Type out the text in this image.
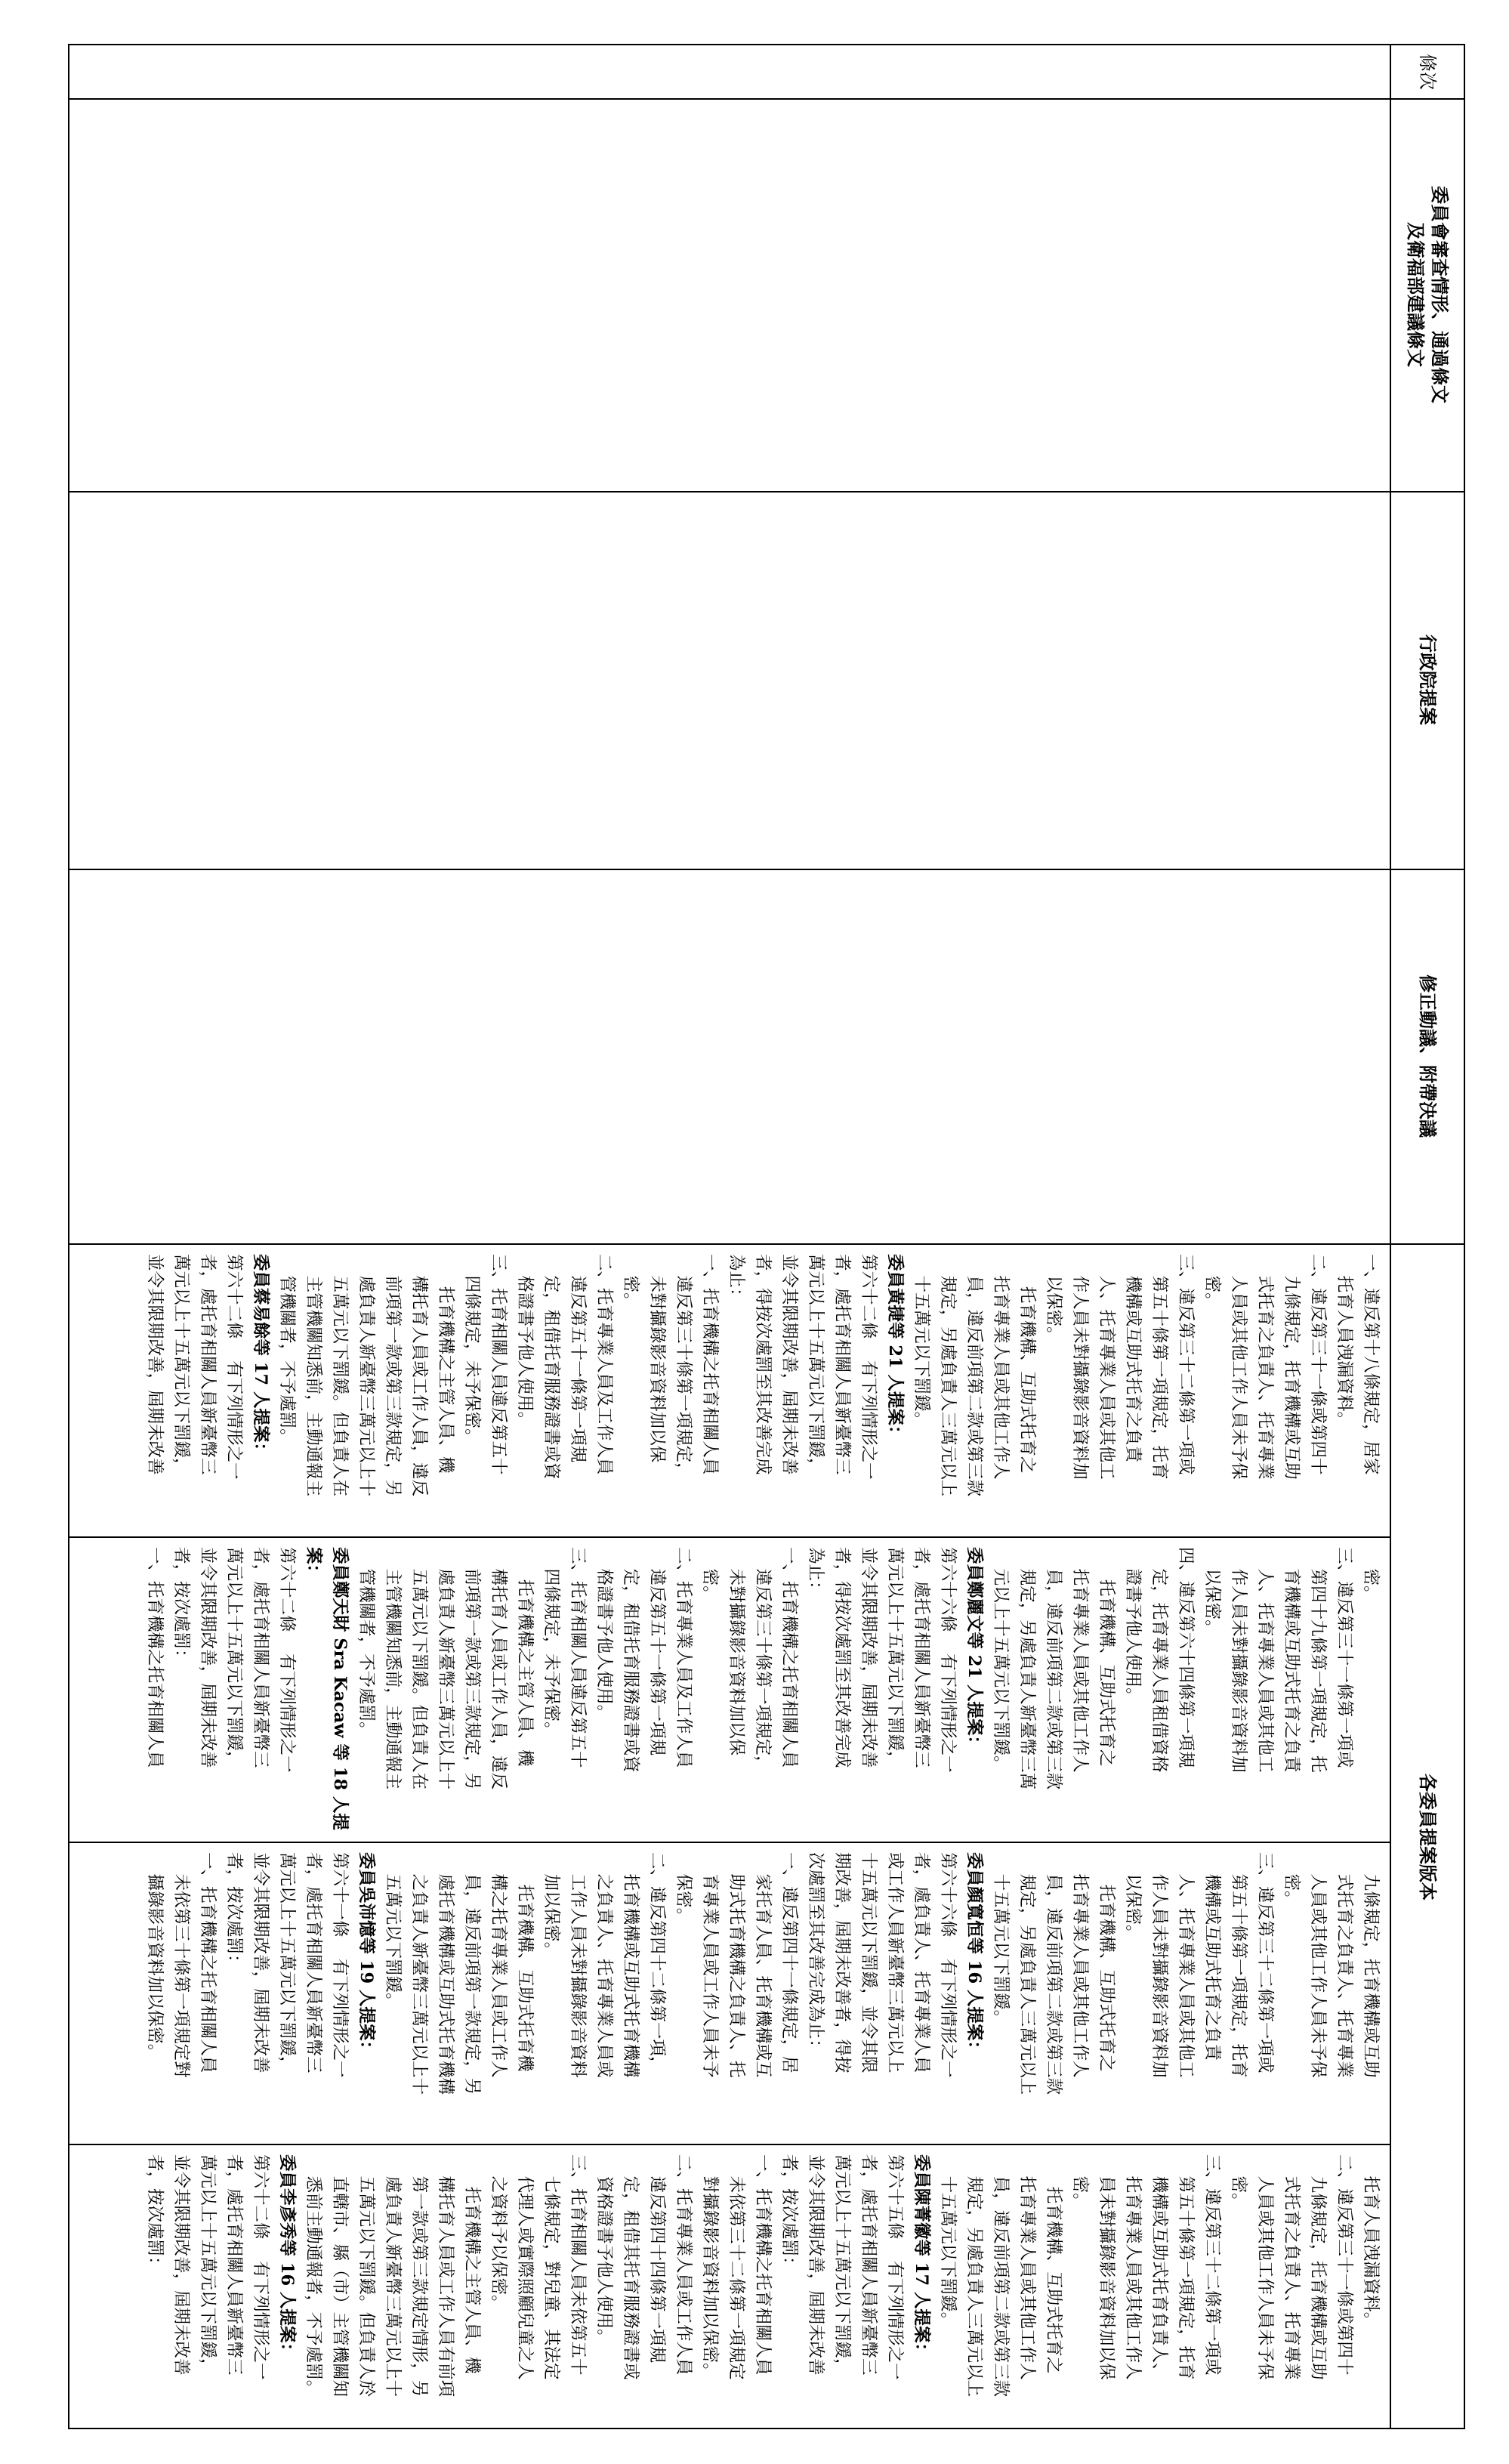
條次
委員會審查情形、通過條文
及衛福部建議條文
行政院提案
修正動議、附帶決議
各委員提案版本
一、違反第十八條規定，居家
托育人員洩漏資料。
二、違反第三十一條或第四十
九條規定，托育機構或互助
式托育之負責人、托育專業
人員或其他工作人員未予保
密。
三、違反第三十二條第一項或
第五十條第一項規定，托育
機構或互助式托育之負責
人、托育專業人員或其他工
作人員未對攝錄影音資料加
以保密。
托育機構、互助式托育之
托育專業人員或其他工作人
員，違反前項第二款或第三款
規定，另處負責人三萬元以上
十五萬元以下罰鍰。
委員黃捷等 21 人提案：
第六十二條    有下列情形之一
者，處托育相關人員新臺幣三
萬元以上十五萬元以下罰鍰，
並令其限期改善，屆期未改善
者，得按次處罰至其改善完成
為止：
一、托育機構之托育相關人員
違反第三十條第一項規定，
未對攝錄影音資料加以保
密。
二、托育專業人員及工作人員
違反第五十一條第一項規
定，租借托育服務證書或資
格證書予他人使用。
三、托育相關人員違反第五十
四條規定，未予保密。
托育機構之主管人員、機
構托育人員或工作人員，違反
前項第一款或第三款規定，另
處負責人新臺幣三萬元以上十
五萬元以下罰鍰。但負責人在
主管機關知悉前，主動通報主
管機關者，不予處罰。
委員蔡易餘等 17 人提案：
第六十二條    有下列情形之一
者，處托育相關人員新臺幣三
萬元以上十五萬元以下罰鍰，
並令其限期改善，屆期未改善
密。
三、違反第三十一條第一項或
第四十九條第一項規定，托
育機構或互助式托育之負責
人、托育專業人員或其他工
作人員未對攝錄影音資料加
以保密。
四、違反第六十四條第一項規
定，托育專業人員租借資格
證書予他人使用。
托育機構、互助式托育之
托育專業人員或其他工作人
員，違反前項第二款或第三款
規定，另處負責人新臺幣三萬
元以上十五萬元以下罰鍰。
委員鄭麗文等 21 人提案：
第六十六條    有下列情形之一
者，處托育相關人員新臺幣三
萬元以上十五萬元以下罰鍰，
並令其限期改善，屆期未改善
者，得按次處罰至其改善完成
為止：
一、托育機構之托育相關人員
違反第三十條第一項規定，
未對攝錄影音資料加以保
密。
二、托育專業人員及工作人員
違反第五十一條第一項規
定，租借托育服務證書或資
格證書予他人使用。
三、托育相關人員違反第五十
四條規定，未予保密。
托育機構之主管人員、機
構托育人員或工作人員，違反
前項第一款或第三款規定，另
處負責人新臺幣三萬元以上十
五萬元以下罰鍰。但負責人在
主管機關知悉前，主動通報主
管機關者，不予處罰。
委員鄭天財 Sra Kacaw 等 18 人提
案：
第六十二條    有下列情形之一
者，處托育相關人員新臺幣三
萬元以上十五萬元以下罰鍰，
並令其限期改善，屆期未改善
者，按次處罰：
一、托育機構之托育相關人員
九條規定，托育機構或互助
式托育之負責人、托育專業
人員或其他工作人員未予保
密。
三、違反第三十二條第一項或
第五十條第一項規定，托育
機構或互助式托育之負責
人、托育專業人員或其他工
作人員未對攝錄影音資料加
以保密。
托育機構、互助式托育之
托育專業人員或其他工作人
員，違反前項第二款或第三款
規定，另處負責人三萬元以上
十五萬元以下罰鍰。
委員顏寬恒等 16 人提案：
第六十六條    有下列情形之一
者，處負責人、托育專業人員
或工作人員新臺幣三萬元以上
十五萬元以下罰鍰，並令其限
期改善，屆期未改善者，得按
次處罰至其改善完成為止：
一、違反第四十一條規定，居
家托育人員、托育機構或互
助式托育機構之負責人、托
育專業人員或工作人員未予
保密。
二、違反第四十二條第一項，
托育機構或互助式托育機構
之負責人、托育專業人員或
工作人員未對攝錄影音資料
加以保密。
托育機構、互助式托育機
構之托育專業人員或工作人
員，違反前項第一款規定，另
處托育機構或互助式托育機構
之負責人新臺幣三萬元以上十
五萬元以下罰鍰。
委員吳沛憶等 19 人提案：
第六十一條    有下列情形之一
者，處托育相關人員新臺幣三
萬元以上十五萬元以下罰鍰，
並令其限期改善，屆期未改善
者，按次處罰：
一、托育機構之托育相關人員
未依第三十條第一項規定對
攝錄影音資料加以保密。
托育人員洩漏資料。
二、違反第三十一條或第四十
九條規定，托育機構或互助
式托育之負責人、托育專業
人員或其他工作人員未予保
密。
三、違反第三十二條第一項或
第五十條第一項規定，托育
機構或互助式托育負責人、
托育專業人員或其他工作人
員未對攝錄影音資料加以保
密。
托育機構、互助式托育之
托育專業人員或其他工作人
員，違反前項第二款或第三款
規定，另處負責人三萬元以上
十五萬元以下罰鍰。
委員陳菁徽等 17 人提案：
第六十五條    有下列情形之一
者，處托育相關人員新臺幣三
萬元以上十五萬元以下罰鍰，
並令其限期改善，屆期未改善
者，按次處罰：
一、托育機構之托育相關人員
未依第三十二條第一項規定
對攝錄影音資料加以保密。
二、托育專業人員或工作人員
違反第四十四條第一項規
定，租借其托育服務證書或
資格證書予他人使用。
三、托育相關人員未依第五十
七條規定，對兒童、其法定
代理人或實際照顧兒童之人
之資料予以保密。
托育機構之主管人員、機
構托育人員或工作人員有前項
第一款或第三款規定情形，另
處負責人新臺幣三萬元以上十
五萬元以下罰鍰。但負責人於
直轄市、縣（市）主管機關知
悉前主動通報者，不予處罰。
委員李彥秀等 16 人提案：
第六十二條    有下列情形之一
者，處托育相關人員新臺幣三
萬元以上十五萬元以下罰鍰，
並令其限期改善，屆期未改善
者，按次處罰：
